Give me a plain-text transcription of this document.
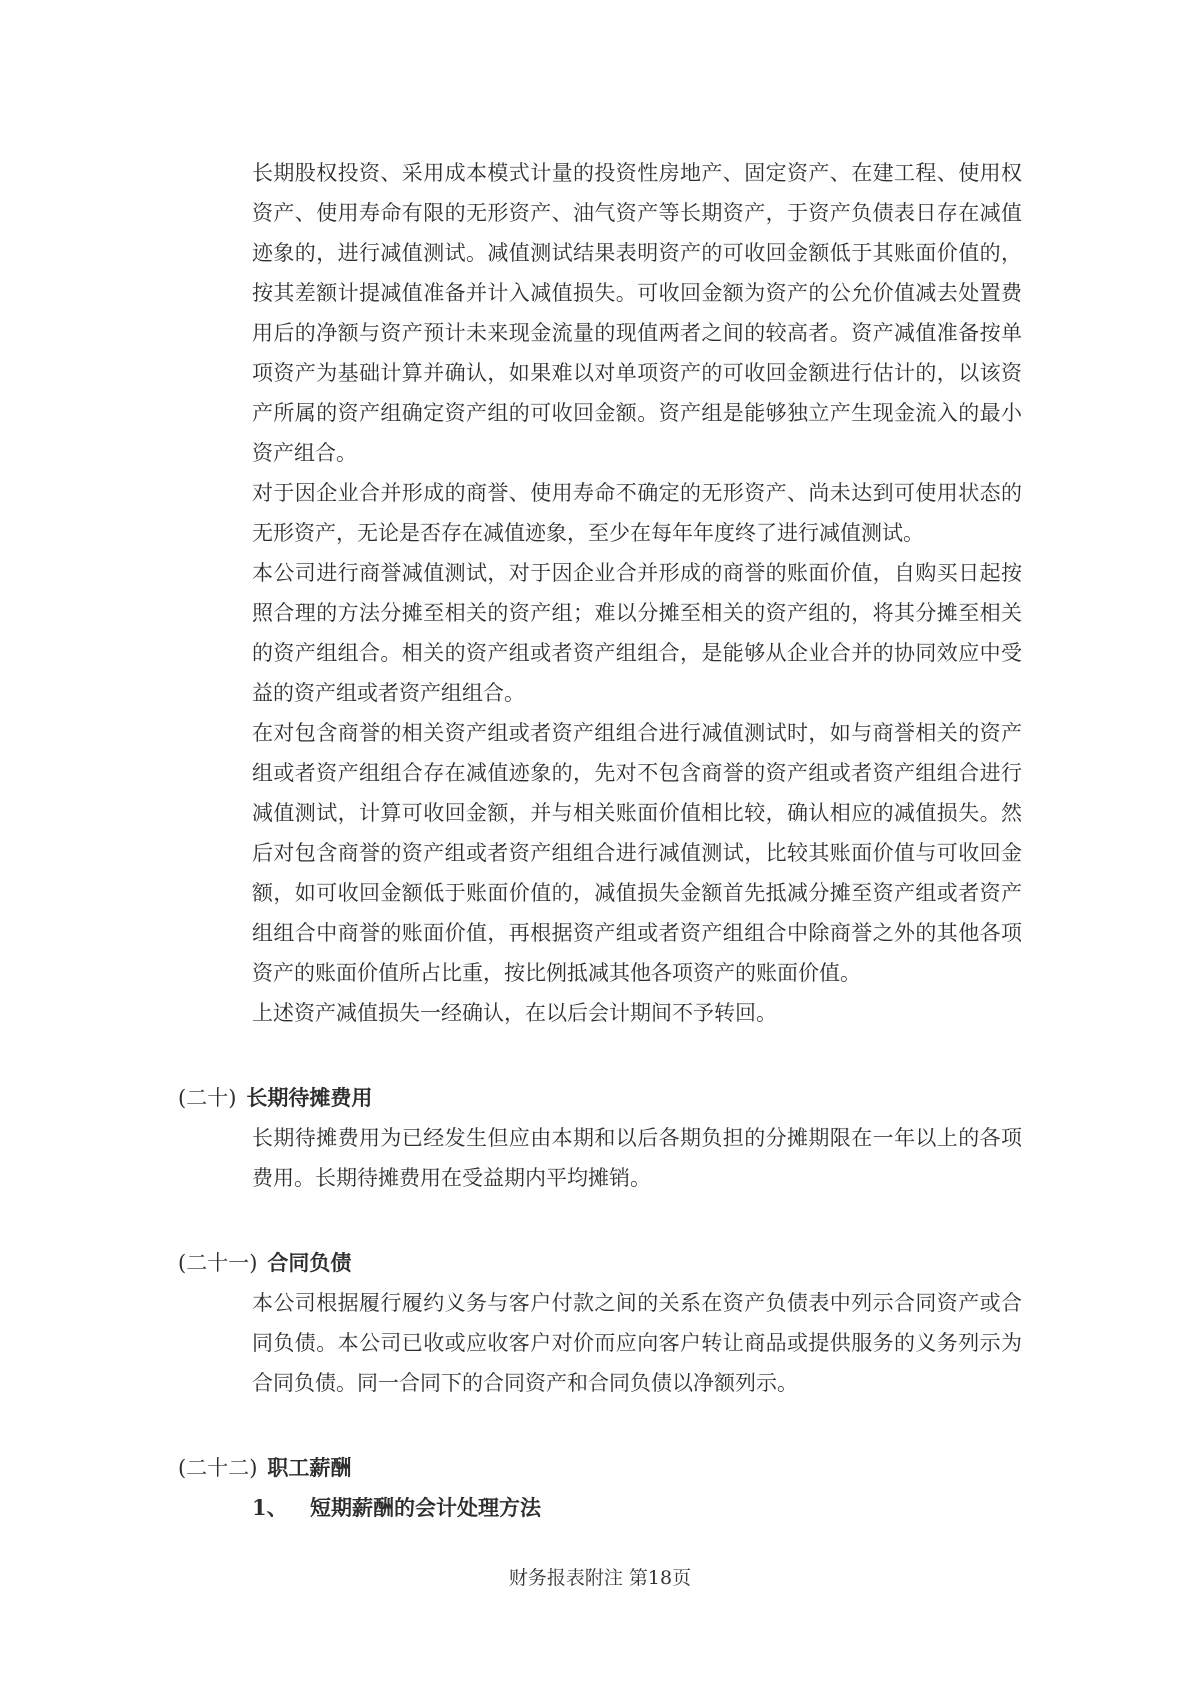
长期股权投资、采用成本模式计量的投资性房地产、固定资产、在建工程、使用权资产、使用寿命有限的无形资产、油气资产等长期资产，于资产负债表日存在减值迹象的，进行减值测试。减值测试结果表明资产的可收回金额低于其账面价值的，按其差额计提减值准备并计入减值损失。可收回金额为资产的公允价值减去处置费用后的净额与资产预计未来现金流量的现值两者之间的较高者。资产减值准备按单项资产为基础计算并确认，如果难以对单项资产的可收回金额进行估计的，以该资产所属的资产组确定资产组的可收回金额。资产组是能够独立产生现金流入的最小资产组合。

对于因企业合并形成的商誉、使用寿命不确定的无形资产、尚未达到可使用状态的无形资产，无论是否存在减值迹象，至少在每年年度终了进行减值测试。

本公司进行商誉减值测试，对于因企业合并形成的商誉的账面价值，自购买日起按照合理的方法分摊至相关的资产组；难以分摊至相关的资产组的，将其分摊至相关的资产组组合。相关的资产组或者资产组组合，是能够从企业合并的协同效应中受益的资产组或者资产组组合。

在对包含商誉的相关资产组或者资产组组合进行减值测试时，如与商誉相关的资产组或者资产组组合存在减值迹象的，先对不包含商誉的资产组或者资产组组合进行减值测试，计算可收回金额，并与相关账面价值相比较，确认相应的减值损失。然后对包含商誉的资产组或者资产组组合进行减值测试，比较其账面价值与可收回金额，如可收回金额低于账面价值的，减值损失金额首先抵减分摊至资产组或者资产组组合中商誉的账面价值，再根据资产组或者资产组组合中除商誉之外的其他各项资产的账面价值所占比重，按比例抵减其他各项资产的账面价值。

上述资产减值损失一经确认，在以后会计期间不予转回。

(二十) 长期待摊费用

长期待摊费用为已经发生但应由本期和以后各期负担的分摊期限在一年以上的各项费用。长期待摊费用在受益期内平均摊销。

(二十一) 合同负债

本公司根据履行履约义务与客户付款之间的关系在资产负债表中列示合同资产或合同负债。本公司已收或应收客户对价而应向客户转让商品或提供服务的义务列示为合同负债。同一合同下的合同资产和合同负债以净额列示。

(二十二) 职工薪酬

1、 短期薪酬的会计处理方法

财务报表附注 第18页
